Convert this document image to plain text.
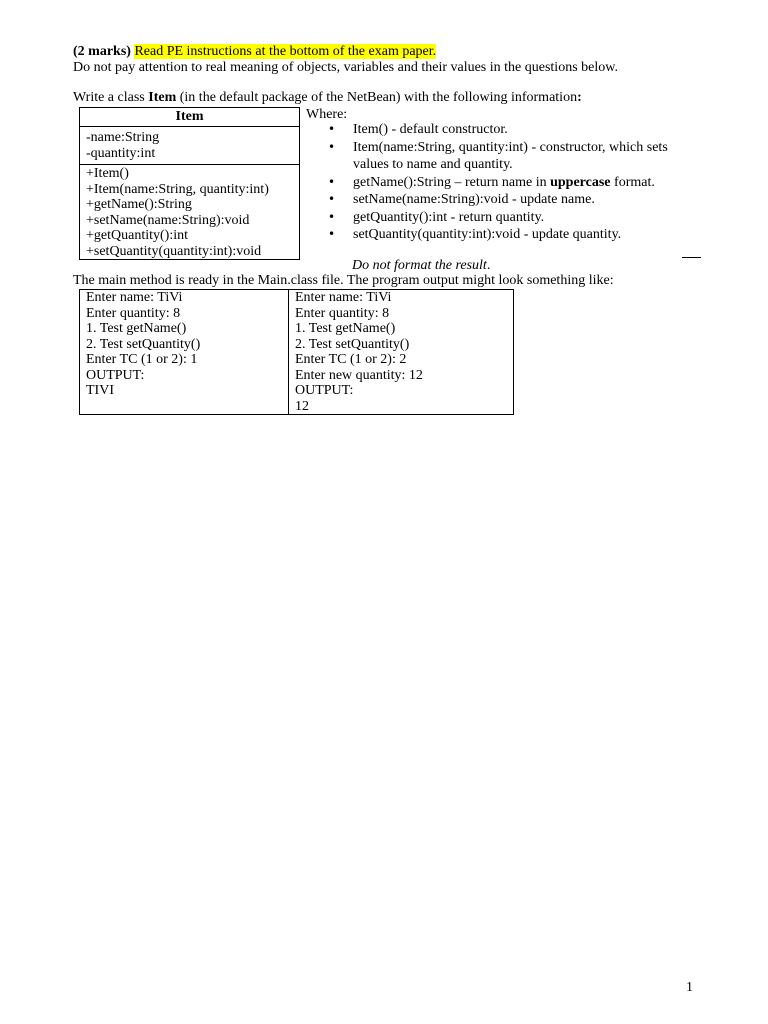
(2 marks) Read PE instructions at the bottom of the exam paper.
Do not pay attention to real meaning of objects, variables and their values in the questions below.
Write a class Item (in the default package of the NetBean) with the following information:
Item
-name:String
-quantity:int
+Item()
+Item(name:String, quantity:int)
+getName():String
+setName(name:String):void
+getQuantity():int
+setQuantity(quantity:int):void
Where:
• Item() - default constructor.
• Item(name:String, quantity:int) - constructor, which sets values to name and quantity.
• getName():String – return name in uppercase format.
• setName(name:String):void - update name.
• getQuantity():int - return quantity.
• setQuantity(quantity:int):void - update quantity.
Do not format the result.
The main method is ready in the Main.class file. The program output might look something like:
Enter name: TiVi
Enter quantity: 8
1. Test getName()
2. Test setQuantity()
Enter TC (1 or 2): 1
OUTPUT:
TIVI

Enter name: TiVi
Enter quantity: 8
1. Test getName()
2. Test setQuantity()
Enter TC (1 or 2): 2
Enter new quantity: 12
OUTPUT:
12
1
